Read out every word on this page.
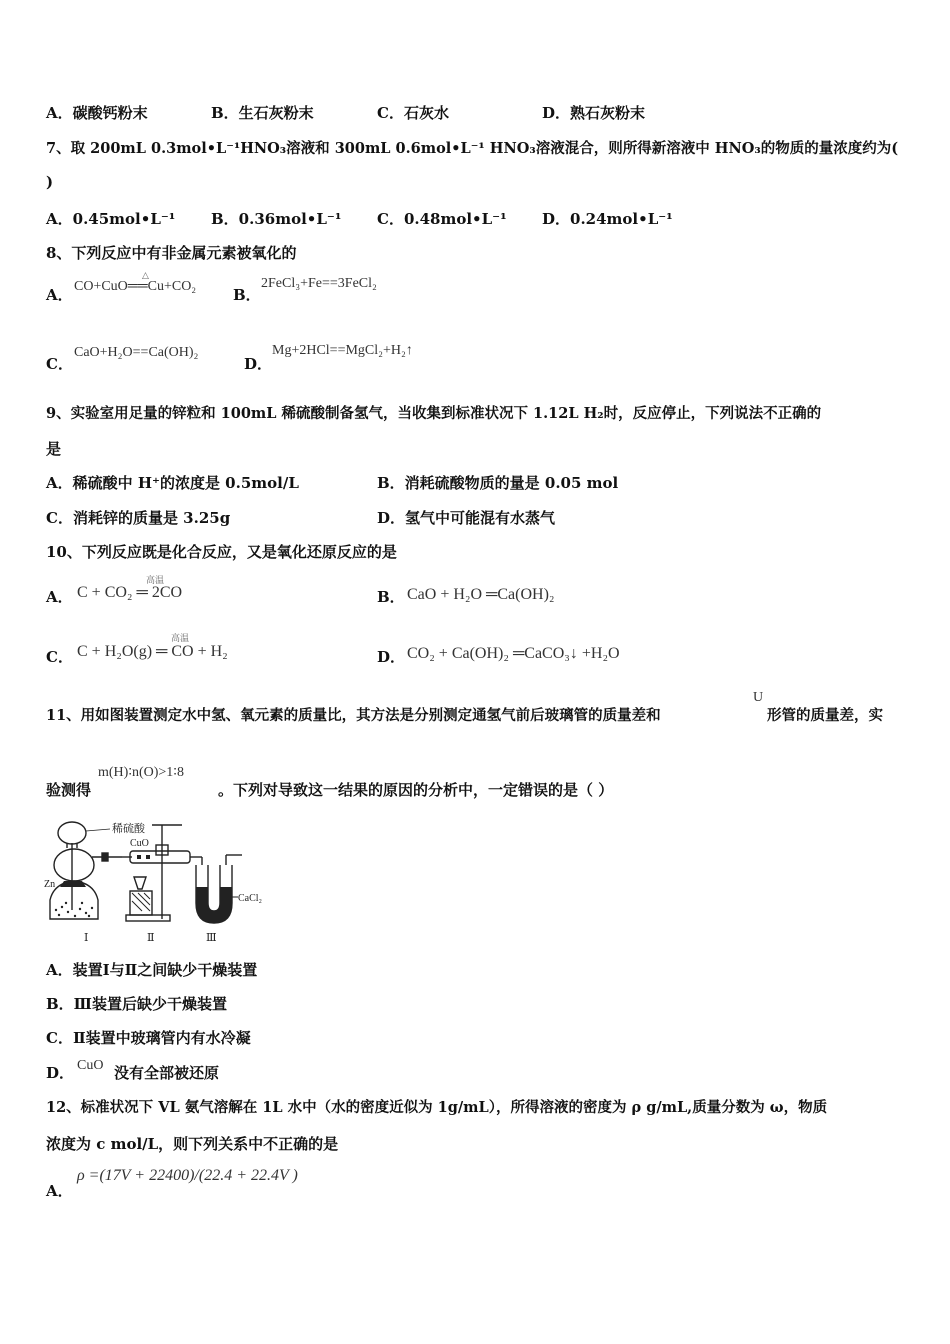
A．碳酸钙粉末	B．生石灰粉末	C．石灰水	D．熟石灰粉末
7、取 200mL 0.3mol•L⁻¹HNO₃溶液和 300mL 0.6mol•L⁻¹ HNO₃溶液混合，则所得新溶液中 HNO₃的物质的量浓度约为(
)
A．0.45mol•L⁻¹ B．0.36mol•L⁻¹ C．0.48mol•L⁻¹ D．0.24mol•L⁻¹
8、下列反应中有非金属元素被氧化的
A．
△
CO+CuO══Cu+CO₂ B．
2FeCl₃+Fe==3FeCl₂
C．
CaO+H₂O==Ca(OH)₂
D．
Mg+2HCl==MgCl₂+H₂↑
9、实验室用足量的锌粒和 100mL 稀硫酸制备氢气，当收集到标准状况下 1.12L H₂时，反应停止，下列说法不正确的
是
A．稀硫酸中 H⁺的浓度是 0.5mol/L	B．消耗硫酸物质的量是 0.05 mol
C．消耗锌的质量是 3.25g	D．氢气中可能混有水蒸气
10、下列反应既是化合反应，又是氧化还原反应的是
A．
高温
C + CO₂ ═ 2CO	B． CaO + H₂O ═Ca(OH)₂
C．
高温
C + H₂O(g) ═ CO + H₂	D． CO₂ + Ca(OH)₂ ═CaCO₃↓ +H₂O
11、用如图装置测定水中氢、氧元素的质量比，其方法是分别测定通氢气前后玻璃管的质量差和
U
形管的质量差，实
验测得
m(H)∶n(O)>1∶8
。下列对导致这一结果的原因的分析中，一定错误的是（ ）
稀硫酸
CuO
Zn
CaCl₂
Ⅰ	Ⅱ	Ⅲ
A．装置Ⅰ与Ⅱ之间缺少干燥装置
B．Ⅲ装置后缺少干燥装置
C．Ⅱ装置中玻璃管内有水冷凝
D． CuO 没有全部被还原
12、标准状况下 VL 氨气溶解在 1L 水中（水的密度近似为 1g/mL），所得溶液的密度为 ρ g/mL,质量分数为 ω，物质
浓度为 c mol/L，则下列关系中不正确的是
A．
ρ =(17V + 22400)/(22.4 + 22.4V )
